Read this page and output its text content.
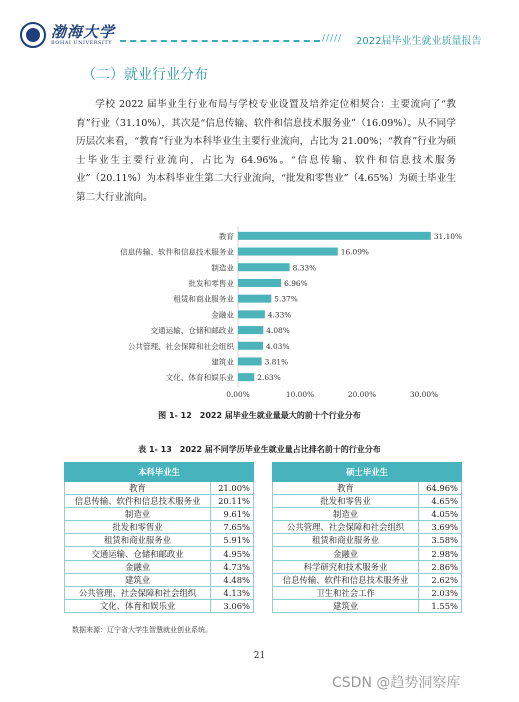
渤海大学
BOHAI UNIVERSITY	///// 2022届毕业生就业质量报告
（二）就业行业分布

学校 2022 届毕业生行业布局与学校专业设置及培养定位相契合：主要流向了“教育”行业（31.10%），其次是“信息传输、软件和信息技术服务业”（16.09%）。从不同学历层次来看，“教育”行业为本科毕业生主要行业流向，占比为 21.00%；“教育”行业为硕士毕业生主要行业流向，占比为 64.96%。“信息传输、软件和信息技术服务业”（20.11%）为本科毕业生第二大行业流向，“批发和零售业”（4.65%）为硕士毕业生第二大行业流向。

教育	31.10%
信息传输、软件和信息技术服务业	16.09%
制造业	8.33%
批发和零售业	6.96%
租赁和商业服务业	5.37%
金融业	4.33%
交通运输、仓储和邮政业	4.08%
公共管理、社会保障和社会组织	4.03%
建筑业	3.81%
文化、体育和娱乐业	2.63%
0.00%	10.00%	20.00%	30.00%
图 1- 12　2022 届毕业生就业量最大的前十个行业分布
表 1- 13　2022 届不同学历毕业生就业量占比排名前十的行业分布
本科毕业生	
教育	21.00%
信息传输、软件和信息技术服务业	20.11%
制造业	9.61%
批发和零售业	7.65%
租赁和商业服务业	5.91%
交通运输、仓储和邮政业	4.95%
金融业	4.73%
建筑业	4.48%
公共管理、社会保障和社会组织	4.13%
文化、体育和娱乐业	3.06%
硕士毕业生	
教育	64.96%
批发和零售业	4.65%
制造业	4.05%
公共管理、社会保障和社会组织	3.69%
租赁和商业服务业	3.58%
金融业	2.98%
科学研究和技术服务业	2.86%
信息传输、软件和信息技术服务业	2.62%
卫生和社会工作	2.03%
建筑业	1.55%
数据来源：辽宁省大学生智慧就业创业系统。
21
CSDN @趋势洞察库
